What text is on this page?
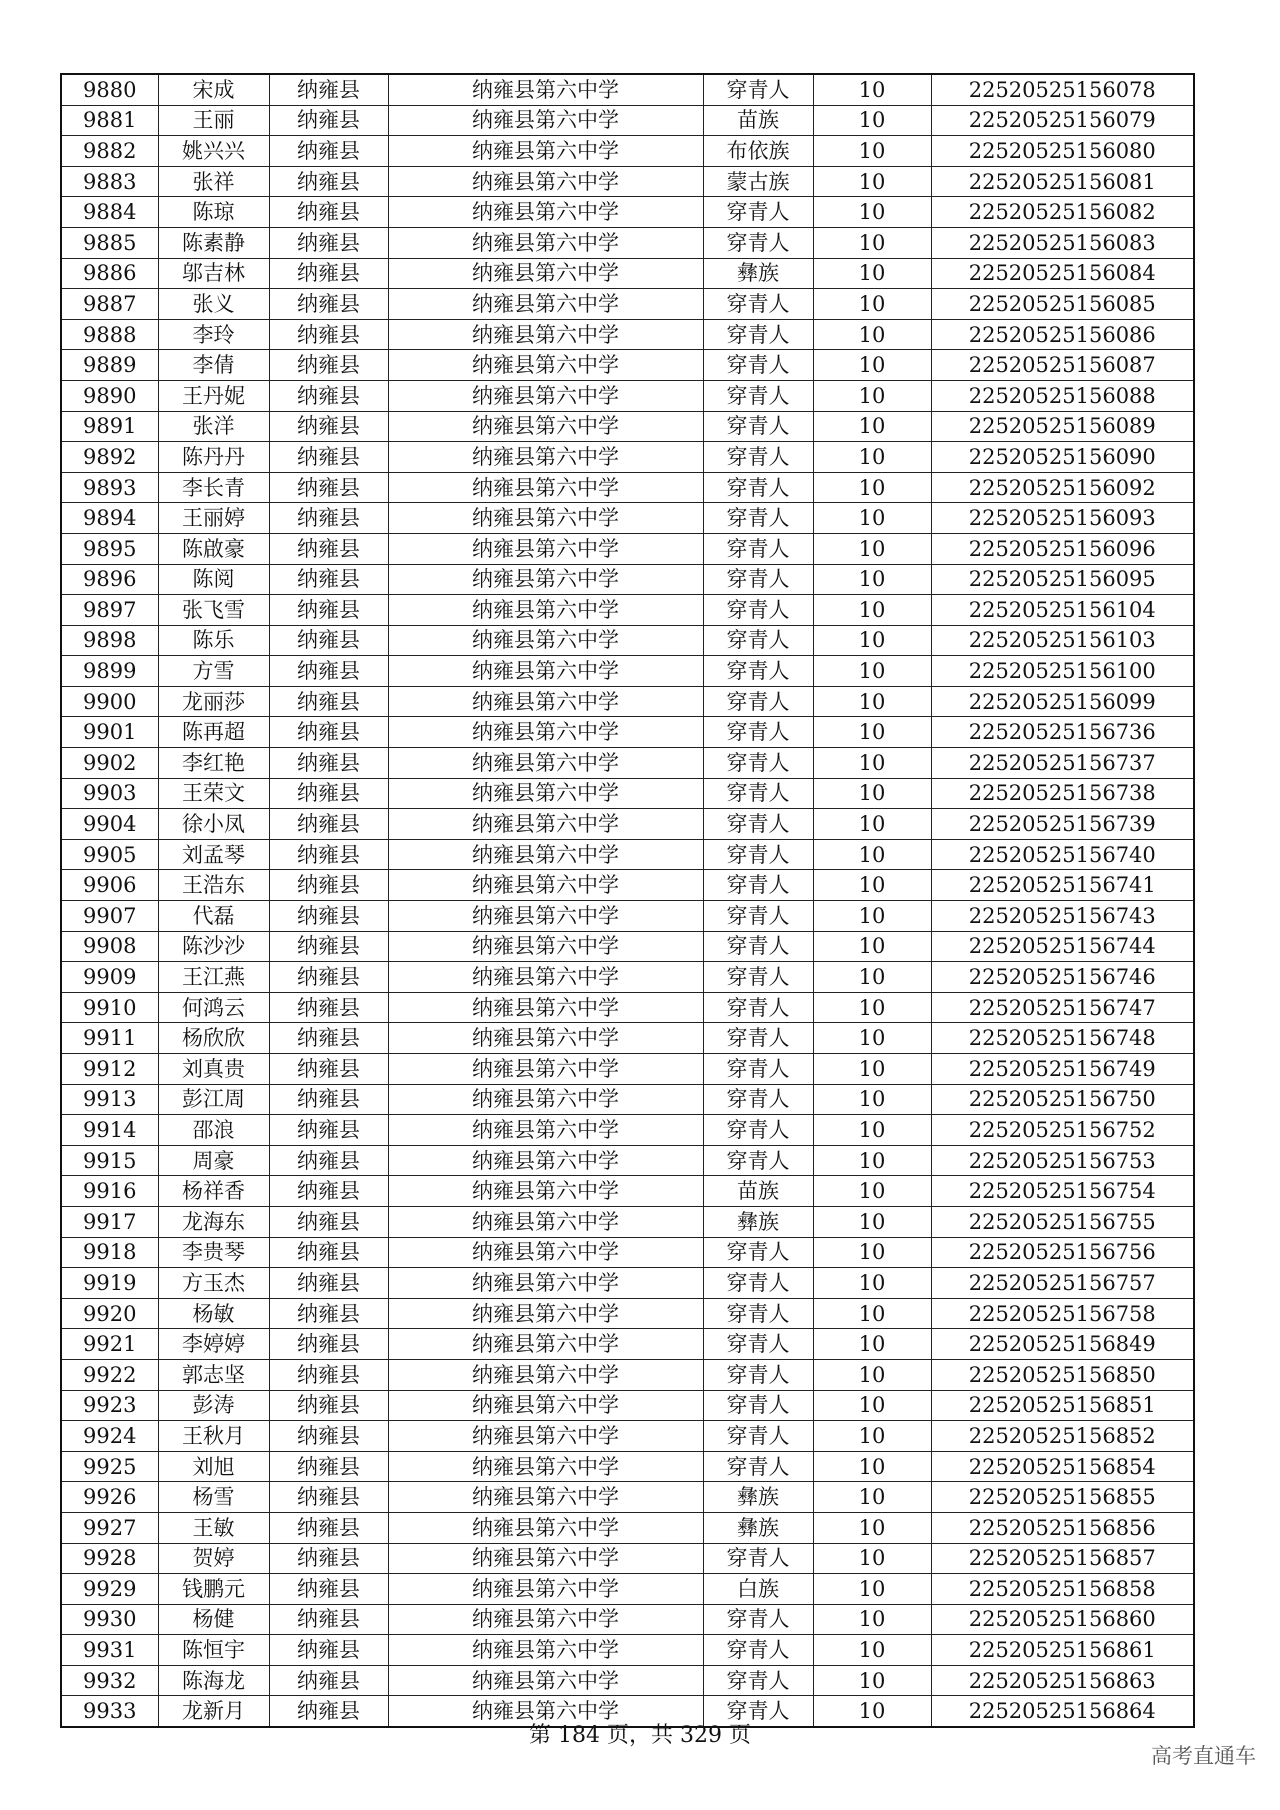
9880	宋成	纳雍县	纳雍县第六中学	穿青人	10	22520525156078
9881	王丽	纳雍县	纳雍县第六中学	苗族	10	22520525156079
9882	姚兴兴	纳雍县	纳雍县第六中学	布依族	10	22520525156080
9883	张祥	纳雍县	纳雍县第六中学	蒙古族	10	22520525156081
9884	陈琼	纳雍县	纳雍县第六中学	穿青人	10	22520525156082
9885	陈素静	纳雍县	纳雍县第六中学	穿青人	10	22520525156083
9886	邬吉林	纳雍县	纳雍县第六中学	彝族	10	22520525156084
9887	张义	纳雍县	纳雍县第六中学	穿青人	10	22520525156085
9888	李玲	纳雍县	纳雍县第六中学	穿青人	10	22520525156086
9889	李倩	纳雍县	纳雍县第六中学	穿青人	10	22520525156087
9890	王丹妮	纳雍县	纳雍县第六中学	穿青人	10	22520525156088
9891	张洋	纳雍县	纳雍县第六中学	穿青人	10	22520525156089
9892	陈丹丹	纳雍县	纳雍县第六中学	穿青人	10	22520525156090
9893	李长青	纳雍县	纳雍县第六中学	穿青人	10	22520525156092
9894	王丽婷	纳雍县	纳雍县第六中学	穿青人	10	22520525156093
9895	陈啟豪	纳雍县	纳雍县第六中学	穿青人	10	22520525156096
9896	陈阅	纳雍县	纳雍县第六中学	穿青人	10	22520525156095
9897	张飞雪	纳雍县	纳雍县第六中学	穿青人	10	22520525156104
9898	陈乐	纳雍县	纳雍县第六中学	穿青人	10	22520525156103
9899	方雪	纳雍县	纳雍县第六中学	穿青人	10	22520525156100
9900	龙丽莎	纳雍县	纳雍县第六中学	穿青人	10	22520525156099
9901	陈再超	纳雍县	纳雍县第六中学	穿青人	10	22520525156736
9902	李红艳	纳雍县	纳雍县第六中学	穿青人	10	22520525156737
9903	王荣文	纳雍县	纳雍县第六中学	穿青人	10	22520525156738
9904	徐小凤	纳雍县	纳雍县第六中学	穿青人	10	22520525156739
9905	刘孟琴	纳雍县	纳雍县第六中学	穿青人	10	22520525156740
9906	王浩东	纳雍县	纳雍县第六中学	穿青人	10	22520525156741
9907	代磊	纳雍县	纳雍县第六中学	穿青人	10	22520525156743
9908	陈沙沙	纳雍县	纳雍县第六中学	穿青人	10	22520525156744
9909	王江燕	纳雍县	纳雍县第六中学	穿青人	10	22520525156746
9910	何鸿云	纳雍县	纳雍县第六中学	穿青人	10	22520525156747
9911	杨欣欣	纳雍县	纳雍县第六中学	穿青人	10	22520525156748
9912	刘真贵	纳雍县	纳雍县第六中学	穿青人	10	22520525156749
9913	彭江周	纳雍县	纳雍县第六中学	穿青人	10	22520525156750
9914	邵浪	纳雍县	纳雍县第六中学	穿青人	10	22520525156752
9915	周豪	纳雍县	纳雍县第六中学	穿青人	10	22520525156753
9916	杨祥香	纳雍县	纳雍县第六中学	苗族	10	22520525156754
9917	龙海东	纳雍县	纳雍县第六中学	彝族	10	22520525156755
9918	李贵琴	纳雍县	纳雍县第六中学	穿青人	10	22520525156756
9919	方玉杰	纳雍县	纳雍县第六中学	穿青人	10	22520525156757
9920	杨敏	纳雍县	纳雍县第六中学	穿青人	10	22520525156758
9921	李婷婷	纳雍县	纳雍县第六中学	穿青人	10	22520525156849
9922	郭志坚	纳雍县	纳雍县第六中学	穿青人	10	22520525156850
9923	彭涛	纳雍县	纳雍县第六中学	穿青人	10	22520525156851
9924	王秋月	纳雍县	纳雍县第六中学	穿青人	10	22520525156852
9925	刘旭	纳雍县	纳雍县第六中学	穿青人	10	22520525156854
9926	杨雪	纳雍县	纳雍县第六中学	彝族	10	22520525156855
9927	王敏	纳雍县	纳雍县第六中学	彝族	10	22520525156856
9928	贺婷	纳雍县	纳雍县第六中学	穿青人	10	22520525156857
9929	钱鹏元	纳雍县	纳雍县第六中学	白族	10	22520525156858
9930	杨健	纳雍县	纳雍县第六中学	穿青人	10	22520525156860
9931	陈恒宇	纳雍县	纳雍县第六中学	穿青人	10	22520525156861
9932	陈海龙	纳雍县	纳雍县第六中学	穿青人	10	22520525156863
9933	龙新月	纳雍县	纳雍县第六中学	穿青人	10	22520525156864
第 184 页，共 329 页
高考直通车
